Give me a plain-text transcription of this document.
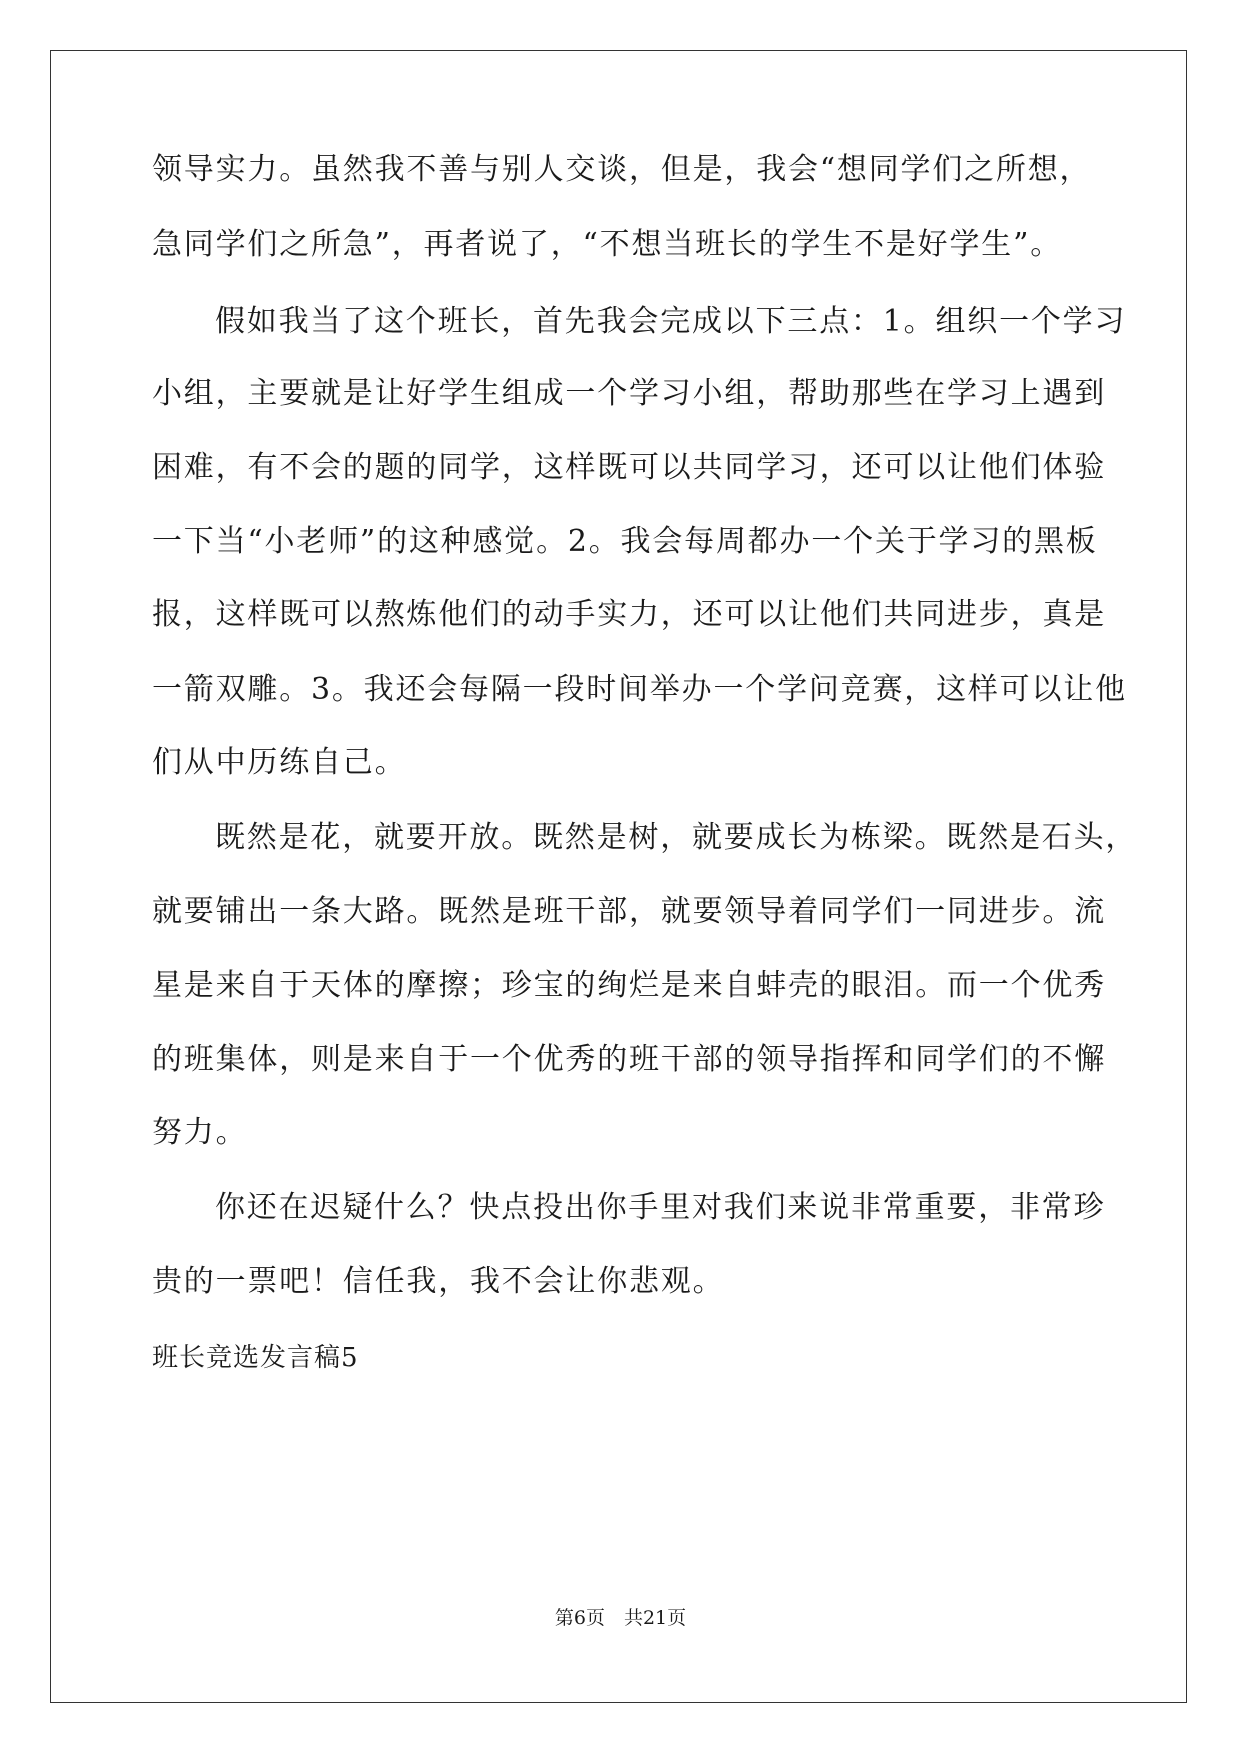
领导实力。虽然我不善与别人交谈，但是，我会“想同学们之所想，
急同学们之所急”，再者说了，“不想当班长的学生不是好学生”。
假如我当了这个班长，首先我会完成以下三点：1。组织一个学习
小组，主要就是让好学生组成一个学习小组，帮助那些在学习上遇到
困难，有不会的题的同学，这样既可以共同学习，还可以让他们体验
一下当“小老师”的这种感觉。2。我会每周都办一个关于学习的黑板
报，这样既可以熬炼他们的动手实力，还可以让他们共同进步，真是
一箭双雕。3。我还会每隔一段时间举办一个学问竞赛，这样可以让他
们从中历练自己。
既然是花，就要开放。既然是树，就要成长为栋梁。既然是石头，
就要铺出一条大路。既然是班干部，就要领导着同学们一同进步。流
星是来自于天体的摩擦；珍宝的绚烂是来自蚌壳的眼泪。而一个优秀
的班集体，则是来自于一个优秀的班干部的领导指挥和同学们的不懈
努力。
你还在迟疑什么？快点投出你手里对我们来说非常重要，非常珍
贵的一票吧！信任我，我不会让你悲观。
班长竞选发言稿5
第6页　共21页
